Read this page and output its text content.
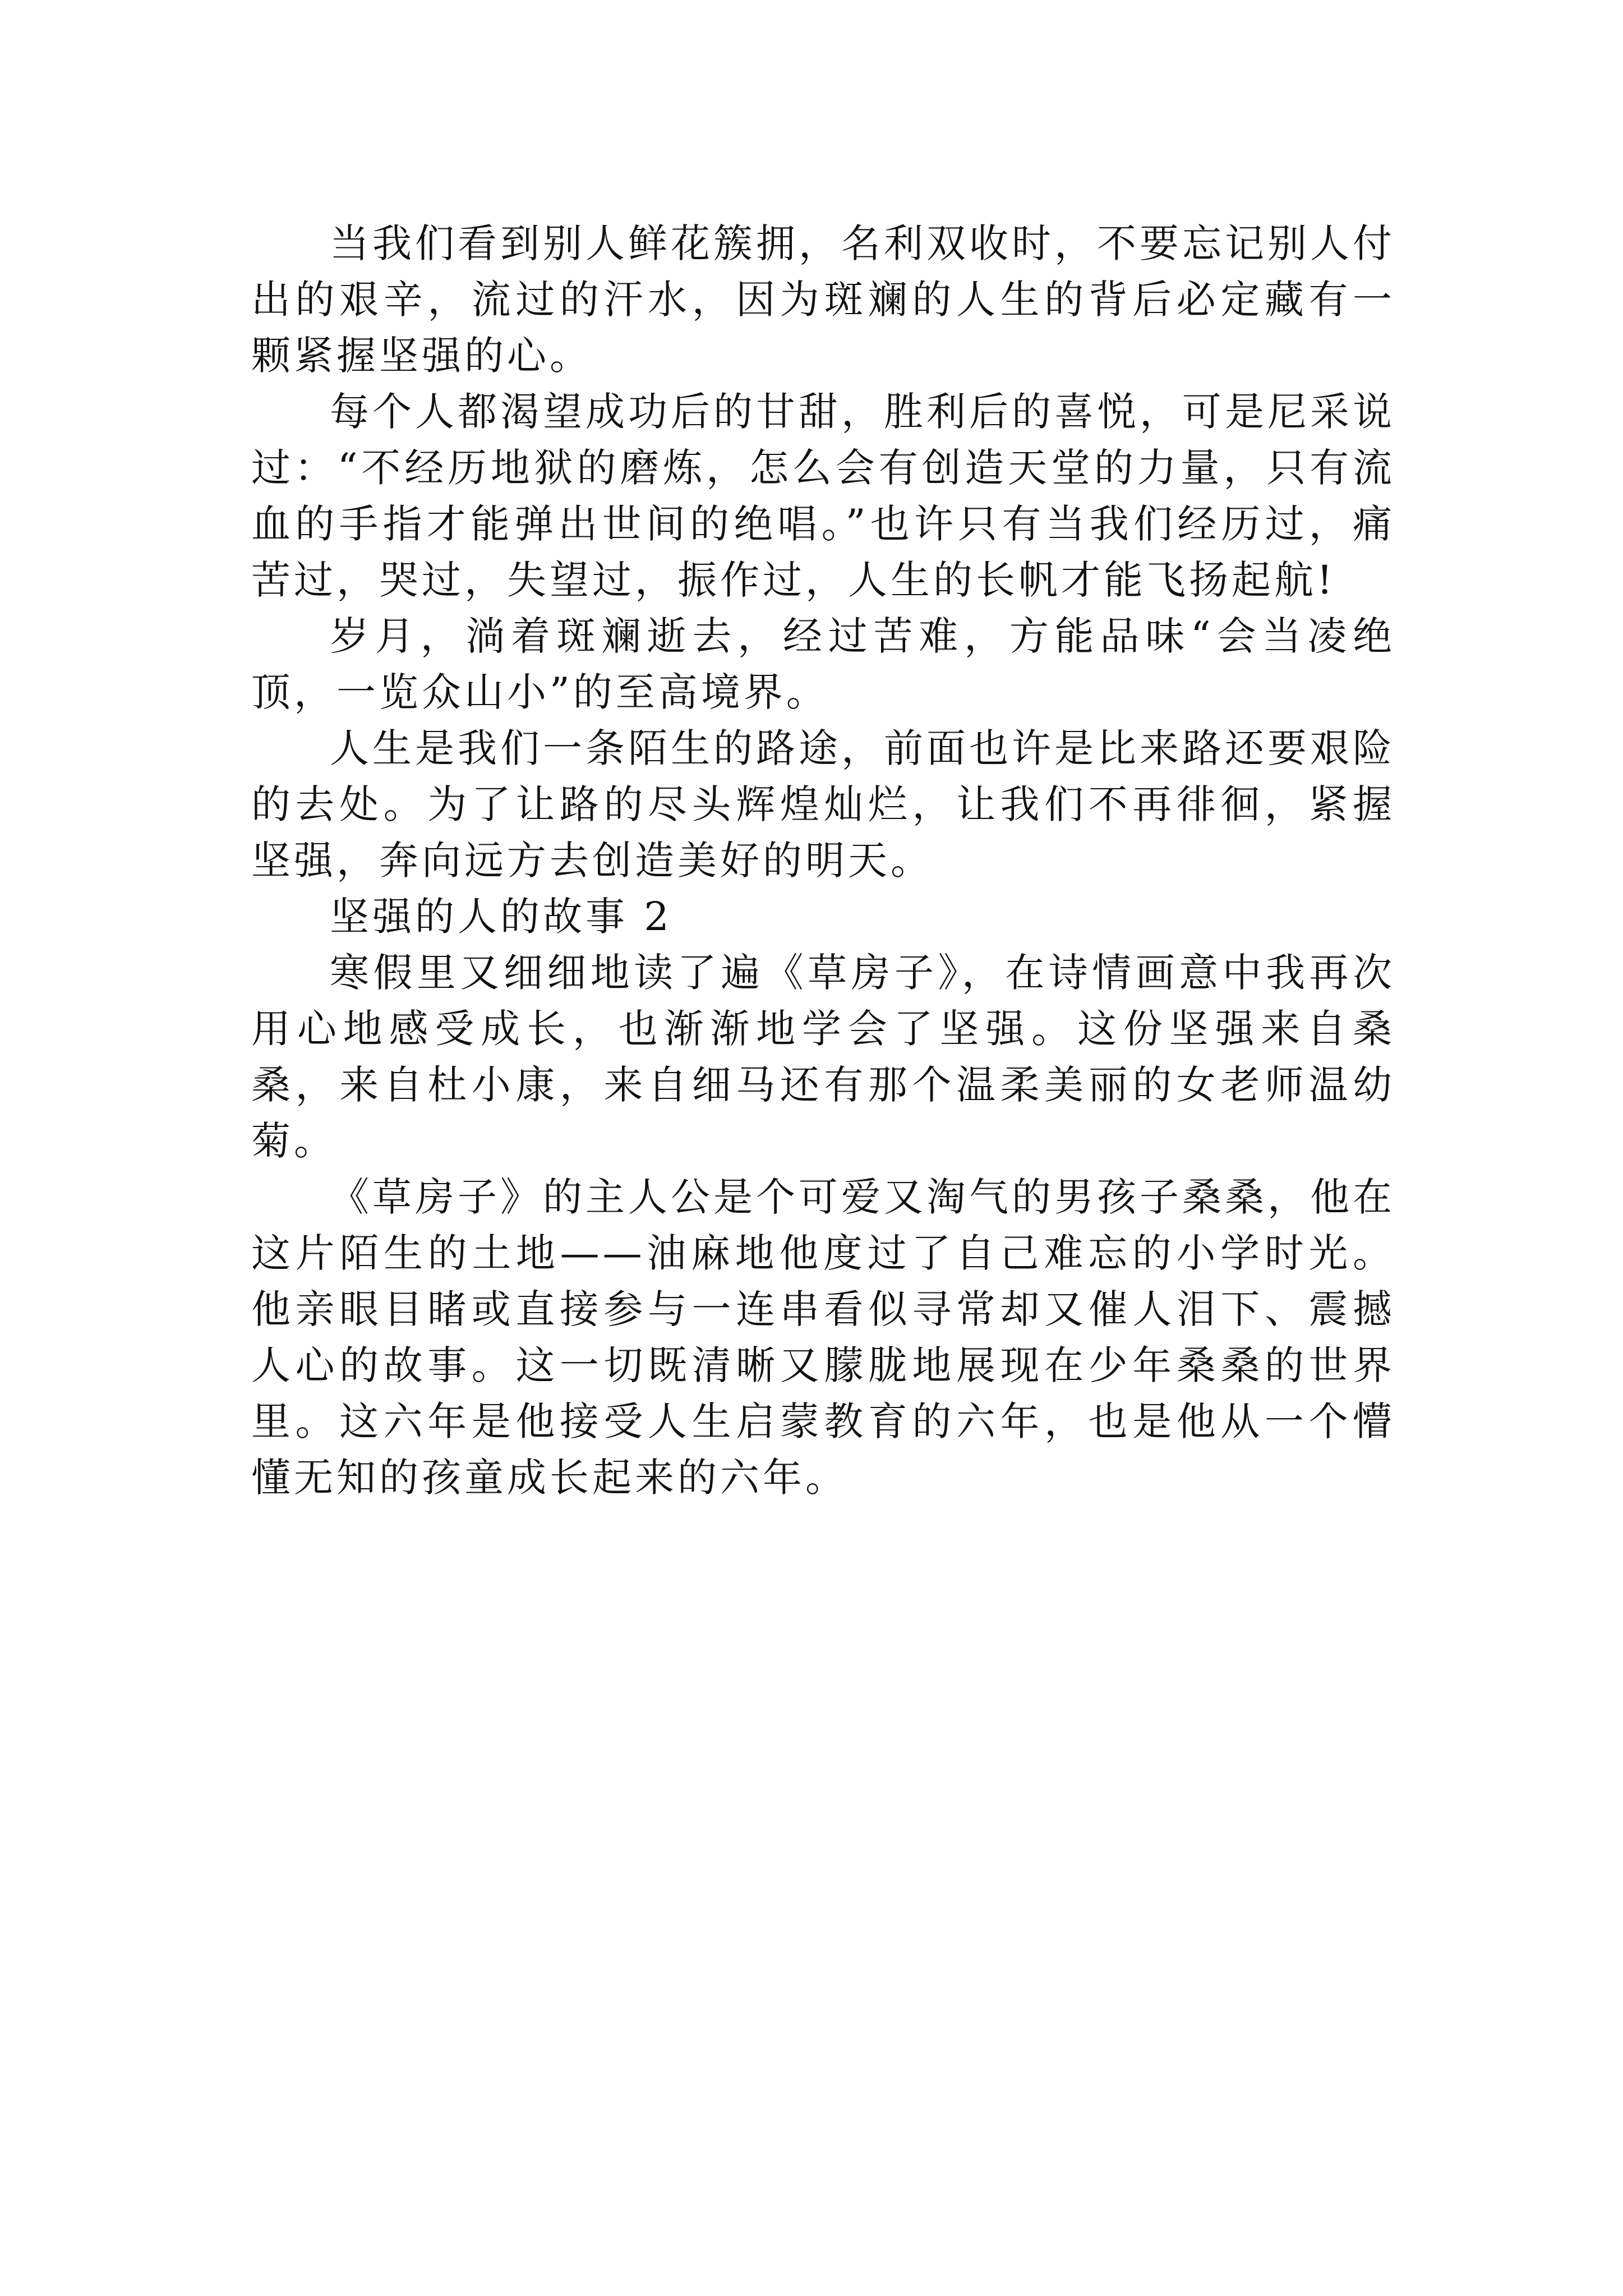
当我们看到别人鲜花簇拥，名利双收时，不要忘记别人付出的艰辛，流过的汗水，因为斑斓的人生的背后必定藏有一颗紧握坚强的心。

每个人都渴望成功后的甘甜，胜利后的喜悦，可是尼采说过：“不经历地狱的磨炼，怎么会有创造天堂的力量，只有流血的手指才能弹出世间的绝唱。”也许只有当我们经历过，痛苦过，哭过，失望过，振作过，人生的长帆才能飞扬起航!

岁月，淌着斑斓逝去，经过苦难，方能品味“会当凌绝顶，一览众山小”的至高境界。

人生是我们一条陌生的路途，前面也许是比来路还要艰险的去处。为了让路的尽头辉煌灿烂，让我们不再徘徊，紧握坚强，奔向远方去创造美好的明天。

坚强的人的故事 2

寒假里又细细地读了遍《草房子》，在诗情画意中我再次用心地感受成长，也渐渐地学会了坚强。这份坚强来自桑桑，来自杜小康，来自细马还有那个温柔美丽的女老师温幼菊。

《草房子》的主人公是个可爱又淘气的男孩子桑桑，他在这片陌生的土地——油麻地他度过了自己难忘的小学时光。他亲眼目睹或直接参与一连串看似寻常却又催人泪下、震撼人心的故事。这一切既清晰又朦胧地展现在少年桑桑的世界里。这六年是他接受人生启蒙教育的六年，也是他从一个懵懂无知的孩童成长起来的六年。
